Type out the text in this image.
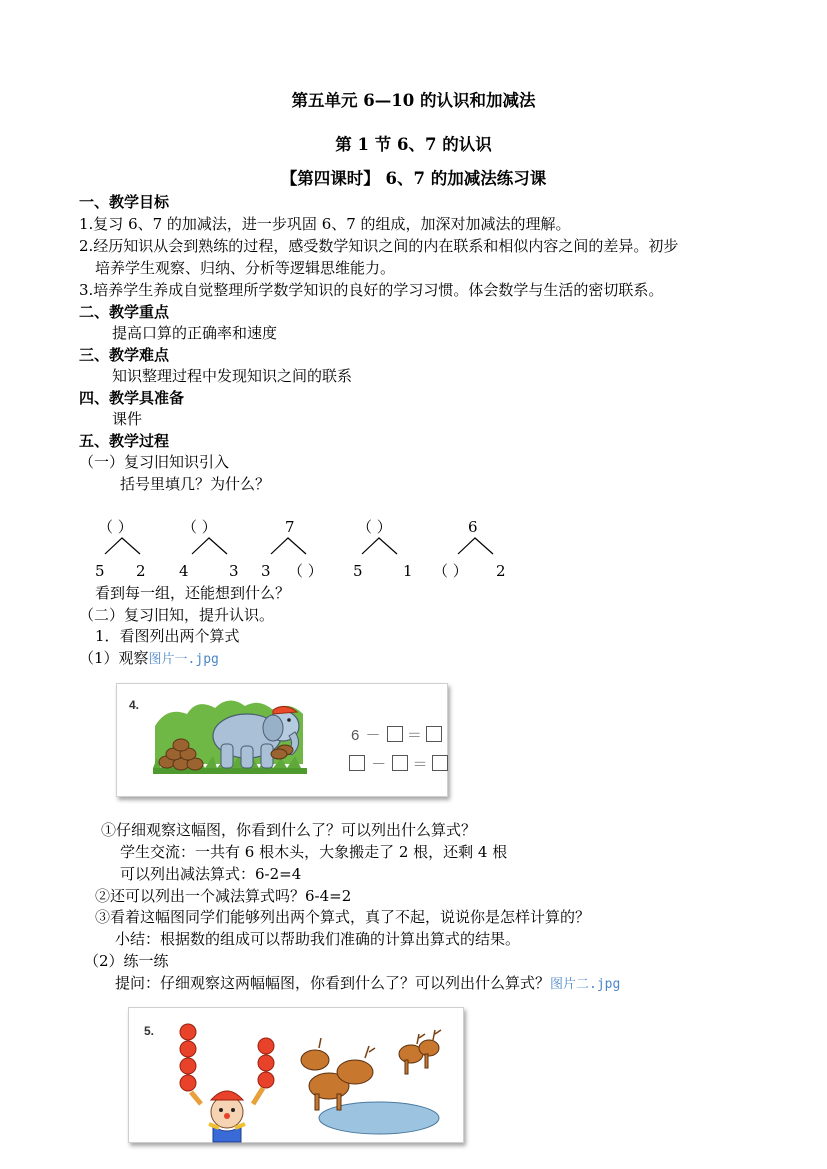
第五单元 6—10 的认识和加减法
第 1 节 6、7 的认识
【第四课时】 6、7 的加减法练习课
一、教学目标
1.复习 6、7 的加减法，进一步巩固 6、7 的组成，加深对加减法的理解。
2.经历知识从会到熟练的过程，感受数学知识之间的内在联系和相似内容之间的差异。初步
培养学生观察、归纳、分析等逻辑思维能力。
3.培养学生养成自觉整理所学数学知识的良好的学习习惯。体会数学与生活的密切联系。
二、教学重点
提高口算的正确率和速度
三、教学难点
知识整理过程中发现知识之间的联系
四、教学具准备
课件
五、教学过程
（一）复习旧知识引入
括号里填几？为什么？
（ ）	（ ）	7	（ ）	6
5 2 4	3 3 （ ） 5	1 （ ） 2
看到每一组，还能想到什么？
（二）复习旧知，提升认识。
1．看图列出两个算式
（1）观察图片一.jpg
4.
6 － ＝
－ ＝
①仔细观察这幅图，你看到什么了？可以列出什么算式？
学生交流：一共有 6 根木头，大象搬走了 2 根，还剩 4 根
可以列出减法算式：6-2=4
②还可以列出一个减法算式吗？6-4=2
③看着这幅图同学们能够列出两个算式，真了不起，说说你是怎样计算的？
小结：根据数的组成可以帮助我们准确的计算出算式的结果。
（2）练一练
提问：仔细观察这两幅幅图，你看到什么了？可以列出什么算式？图片二.jpg
5.
